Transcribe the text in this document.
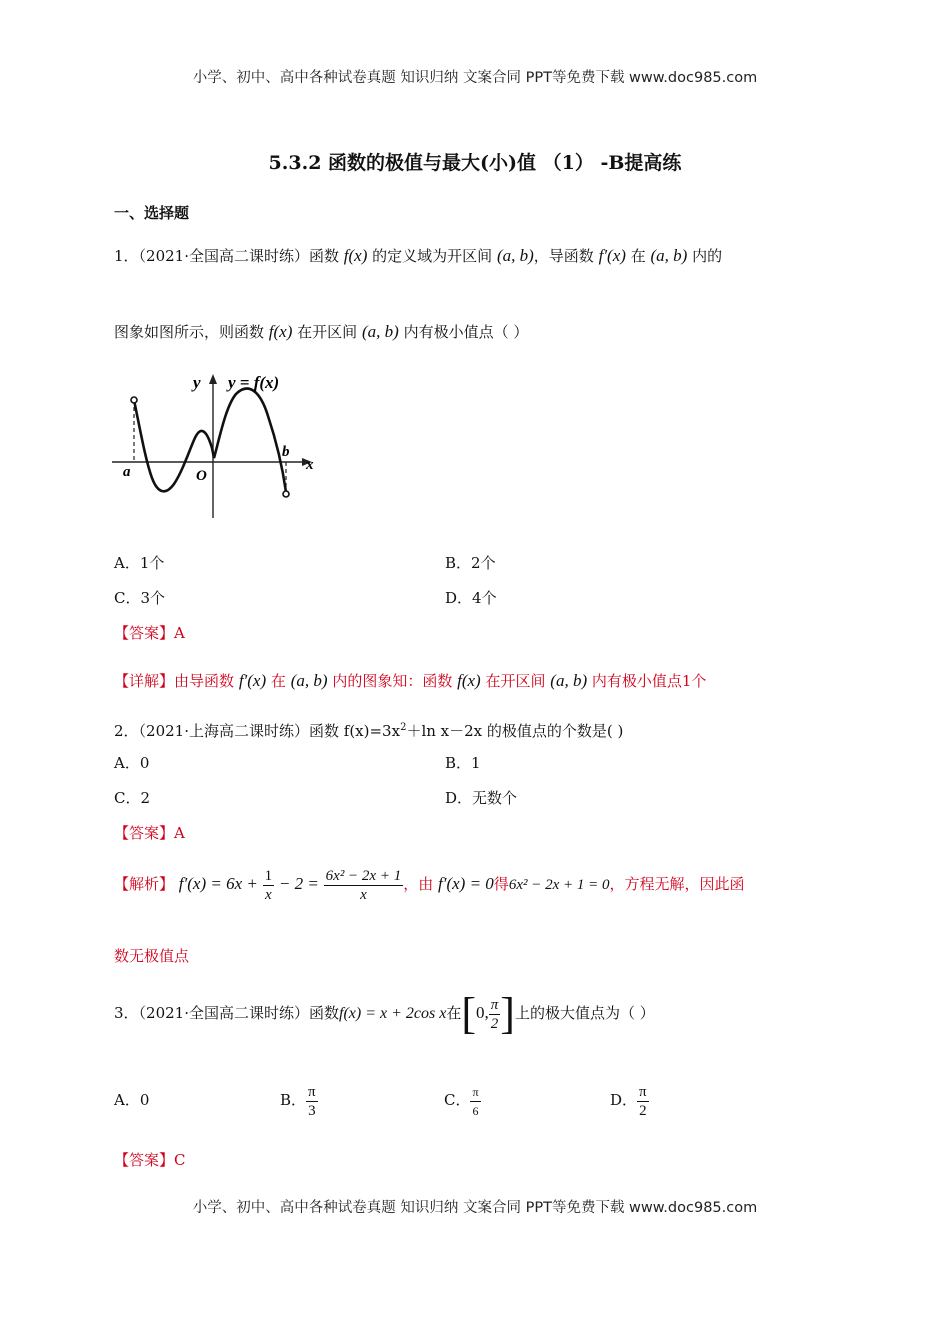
小学、初中、高中各种试卷真题 知识归纳 文案合同 PPT等免费下载 www.doc985.com
5.3.2 函数的极值与最大(小)值 （1） -B提高练
一、选择题
1．（2021·全国高二课时练）函数 f(x) 的定义域为开区间 (a, b)，导函数 f′(x) 在 (a, b) 内的
图象如图所示，则函数 f(x) 在开区间 (a, b) 内有极小值点（ ）
y y = f(x)
x
a	O
b
A．1个	B．2个
C．3个	D．4个
【答案】A
【详解】由导函数 f′(x) 在 (a, b) 内的图象知：函数 f(x) 在开区间 (a, b) 内有极小值点1个
2．（2021·上海高二课时练）函数 $f(x)=3x^2+\ln$ x－2x 的极值点的个数是( )
A．0	B．1
C．2	D．无数个
【答案】A
【解析】 $f'(x) = 6x + \frac{1}{x} - 2 = \frac{\text{6x² − 2x + 1}}{x}$ ，由 f′(x) = 0得6x² − 2x + 1 = 0，方程无解，因此函
数无极值点
3．（2021·全国高二课时练）函数f(x) = x + 2cos x在[0, $\frac{\pi}{2}$ ]上的极大值点为（ ）
A．0	B． $\frac{\pi}{3}$	C． $\frac{\pi}{6}$	D． $\frac{\pi}{2}$
【答案】C
小学、初中、高中各种试卷真题 知识归纳 文案合同 PPT等免费下载 www.doc985.com
